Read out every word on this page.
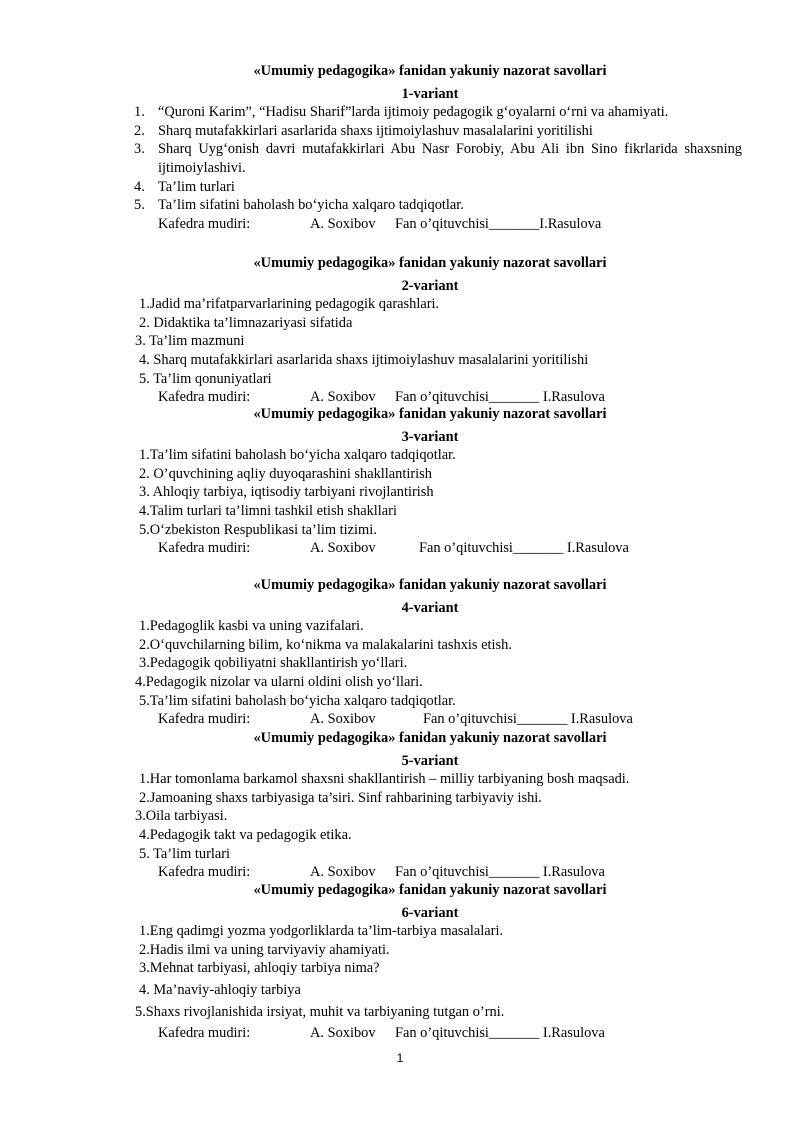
«Umumiy pedagogika» fanidan yakuniy nazorat savollari
1-variant
1. “Quroni Karim”, “Hadisu Sharif”larda ijtimoiy pedagogik g‘oyalarni o‘rni va ahamiyati.
2. Sharq mutafakkirlari asarlarida shaxs ijtimoiylashuv masalalarini yoritilishi
3. Sharq Uyg‘onish davri mutafakkirlari Abu Nasr Forobiy, Abu Ali ibn Sino fikrlarida shaxsning ijtimoiylashivi.
4. Ta’lim turlari
5. Ta’lim sifatini baholash bo‘yicha xalqaro tadqiqotlar.
Kafedra mudiri:	A. Soxibov Fan o’qituvchisi_______I.Rasulova
«Umumiy pedagogika» fanidan yakuniy nazorat savollari
2-variant
1.Jadid ma’rifatparvarlarining pedagogik qarashlari.
2. Didaktika ta’limnazariyasi sifatida
3. Ta’lim mazmuni
4. Sharq mutafakkirlari asarlarida shaxs ijtimoiylashuv masalalarini yoritilishi
5. Ta’lim qonuniyatlari
Kafedra mudiri:	A. Soxibov Fan o’qituvchisi_______ I.Rasulova
«Umumiy pedagogika» fanidan yakuniy nazorat savollari
3-variant
1.Ta’lim sifatini baholash bo‘yicha xalqaro tadqiqotlar.
2. O’quvchining aqliy duyoqarashini shakllantirish
3. Ahloqiy tarbiya, iqtisodiy tarbiyani rivojlantirish
4.Talim turlari ta’limni tashkil etish shakllari
5.O‘zbekiston Respublikasi ta’lim tizimi.
Kafedra mudiri:	A. Soxibov	Fan o’qituvchisi_______ I.Rasulova
«Umumiy pedagogika» fanidan yakuniy nazorat savollari
4-variant
1.Pedagoglik kasbi va uning vazifalari.
2.O‘quvchilarning bilim, ko‘nikma va malakalarini tashxis etish.
3.Pedagogik qobiliyatni shakllantirish yo‘llari.
4.Pedagogik nizolar va ularni oldini olish yo‘llari.
5.Ta’lim sifatini baholash bo‘yicha xalqaro tadqiqotlar.
Kafedra mudiri:	A. Soxibov	Fan o’qituvchisi_______ I.Rasulova
«Umumiy pedagogika» fanidan yakuniy nazorat savollari
5-variant
1.Har tomonlama barkamol shaxsni shakllantirish – milliy tarbiyaning bosh maqsadi.
2.Jamoaning shaxs tarbiyasiga ta’siri. Sinf rahbarining tarbiyaviy ishi.
3.Oila tarbiyasi.
4.Pedagogik takt va pedagogik etika.
5. Ta’lim turlari
Kafedra mudiri:	A. Soxibov Fan o’qituvchisi_______ I.Rasulova
«Umumiy pedagogika» fanidan yakuniy nazorat savollari
6-variant
1.Eng qadimgi yozma yodgorliklarda ta’lim-tarbiya masalalari.
2.Hadis ilmi va uning tarviyaviy ahamiyati.
3.Mehnat tarbiyasi, ahloqiy tarbiya nima?
4. Ma’naviy-ahloqiy tarbiya
5.Shaxs rivojlanishida irsiyat, muhit va tarbiyaning tutgan o’rni.
Kafedra mudiri:	A. Soxibov Fan o’qituvchisi_______ I.Rasulova
1
